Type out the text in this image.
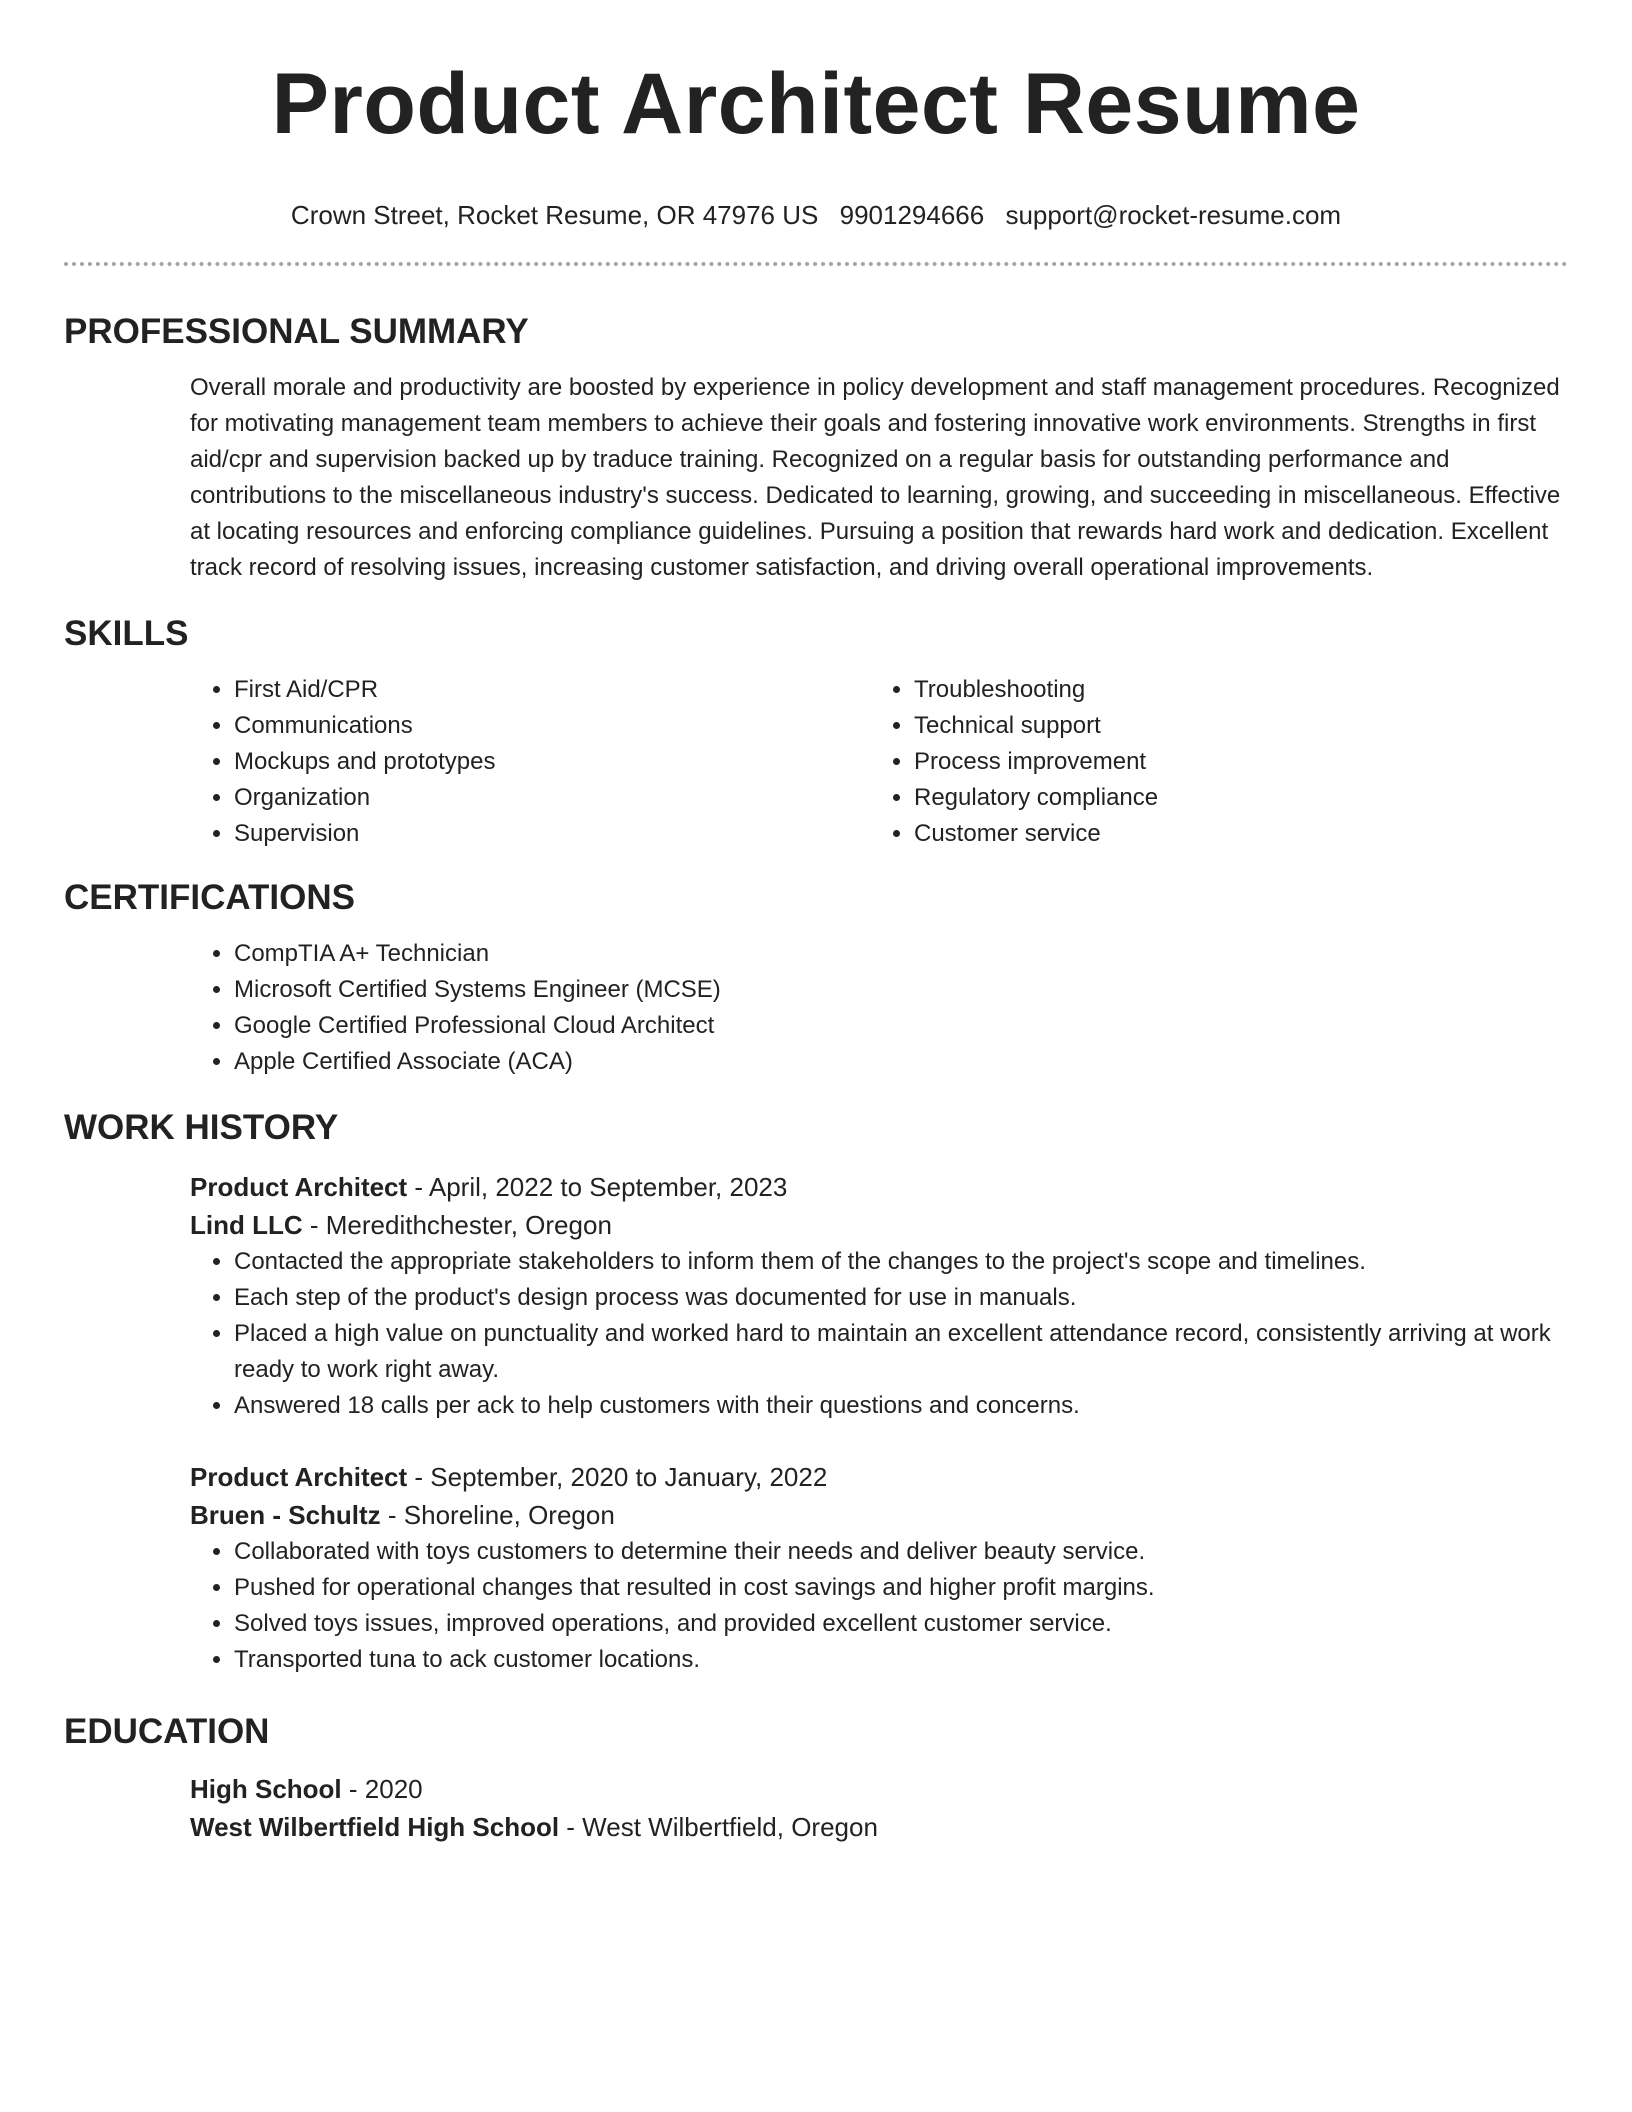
Product Architect Resume
Crown Street, Rocket Resume, OR 47976 US 9901294666 support@rocket-resume.com
PROFESSIONAL SUMMARY
Overall morale and productivity are boosted by experience in policy development and staff management procedures. Recognized for motivating management team members to achieve their goals and fostering innovative work environments. Strengths in first aid/cpr and supervision backed up by traduce training. Recognized on a regular basis for outstanding performance and contributions to the miscellaneous industry's success. Dedicated to learning, growing, and succeeding in miscellaneous. Effective at locating resources and enforcing compliance guidelines. Pursuing a position that rewards hard work and dedication. Excellent track record of resolving issues, increasing customer satisfaction, and driving overall operational improvements.
SKILLS
• First Aid/CPR
• Communications
• Mockups and prototypes
• Organization
• Supervision
• Troubleshooting
• Technical support
• Process improvement
• Regulatory compliance
• Customer service
CERTIFICATIONS
• CompTIA A+ Technician
• Microsoft Certified Systems Engineer (MCSE)
• Google Certified Professional Cloud Architect
• Apple Certified Associate (ACA)
WORK HISTORY
Product Architect - April, 2022 to September, 2023
Lind LLC - Meredithchester, Oregon
• Contacted the appropriate stakeholders to inform them of the changes to the project's scope and timelines.
• Each step of the product's design process was documented for use in manuals.
• Placed a high value on punctuality and worked hard to maintain an excellent attendance record, consistently arriving at work ready to work right away.
• Answered 18 calls per ack to help customers with their questions and concerns.
Product Architect - September, 2020 to January, 2022
Bruen - Schultz - Shoreline, Oregon
• Collaborated with toys customers to determine their needs and deliver beauty service.
• Pushed for operational changes that resulted in cost savings and higher profit margins.
• Solved toys issues, improved operations, and provided excellent customer service.
• Transported tuna to ack customer locations.
EDUCATION
High School - 2020
West Wilbertfield High School - West Wilbertfield, Oregon
